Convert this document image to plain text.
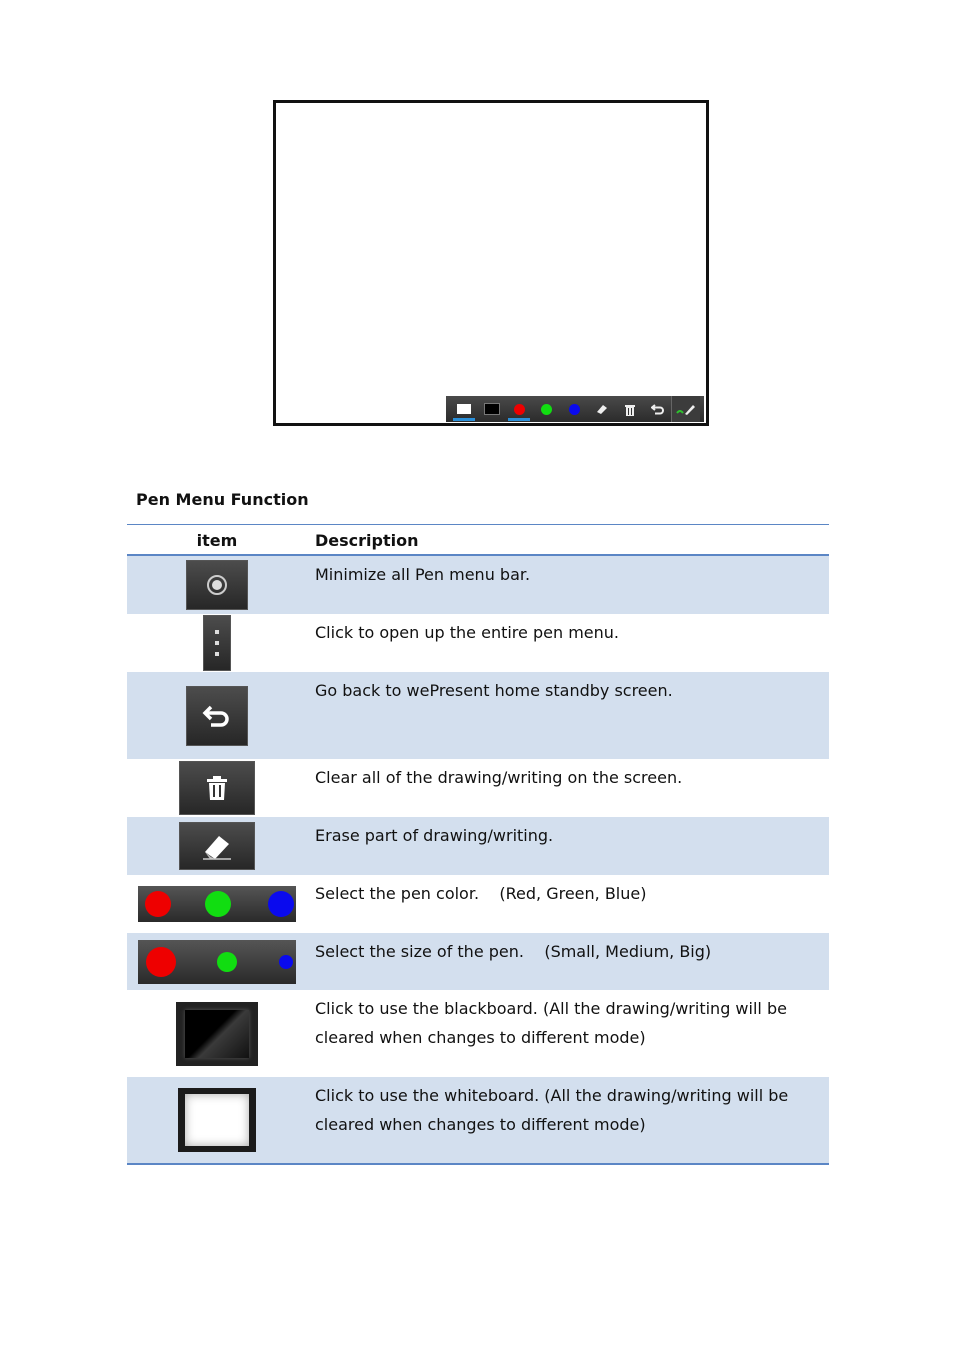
Pen Menu Function
item	Description
Minimize all Pen menu bar.
Click to open up the entire pen menu.
Go back to wePresent home standby screen.
Clear all of the drawing/writing on the screen.
Erase part of drawing/writing.
Select the pen color.    (Red, Green, Blue)
Select the size of the pen.    (Small, Medium, Big)
Click to use the blackboard. (All the drawing/writing will be cleared when changes to different mode)
Click to use the whiteboard. (All the drawing/writing will be cleared when changes to different mode)
